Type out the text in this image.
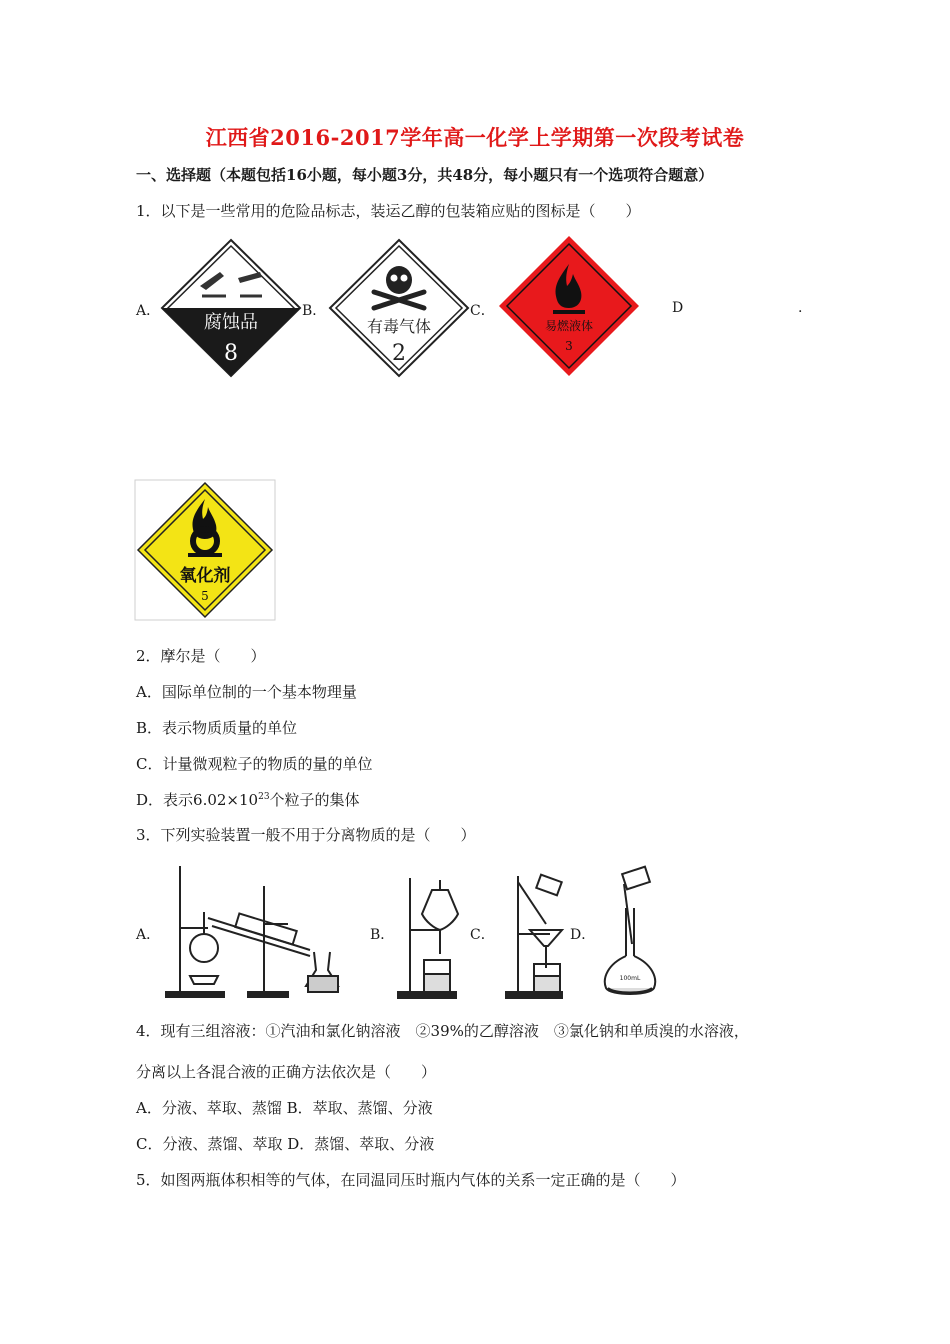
江西省2016-2017学年高一化学上学期第一次段考试卷
一、选择题（本题包括16小题，每小题3分，共48分，每小题只有一个选项符合题意）
1．以下是一些常用的危险品标志，装运乙醇的包装箱应贴的图标是（　　）
A．
腐蚀品
8
B．
有毒气体
2
C．
易燃液体
3
D	.
氧化剂
5
2．摩尔是（　　）
A．国际单位制的一个基本物理量
B．表示物质质量的单位
C．计量微观粒子的物质的量的单位
D．表示$6.02\times 10^{23}$个粒子的集体
3．下列实验装置一般不用于分离物质的是（　　）
A．	B．	C．	D．
100mL
4．现有三组溶液：①汽油和氯化钠溶液　②39%的乙醇溶液　③氯化钠和单质溴的水溶液，
分离以上各混合液的正确方法依次是（　　）
A．分液、萃取、蒸馏 B．萃取、蒸馏、分液
C．分液、蒸馏、萃取 D．蒸馏、萃取、分液
5．如图两瓶体积相等的气体，在同温同压时瓶内气体的关系一定正确的是（　　）
